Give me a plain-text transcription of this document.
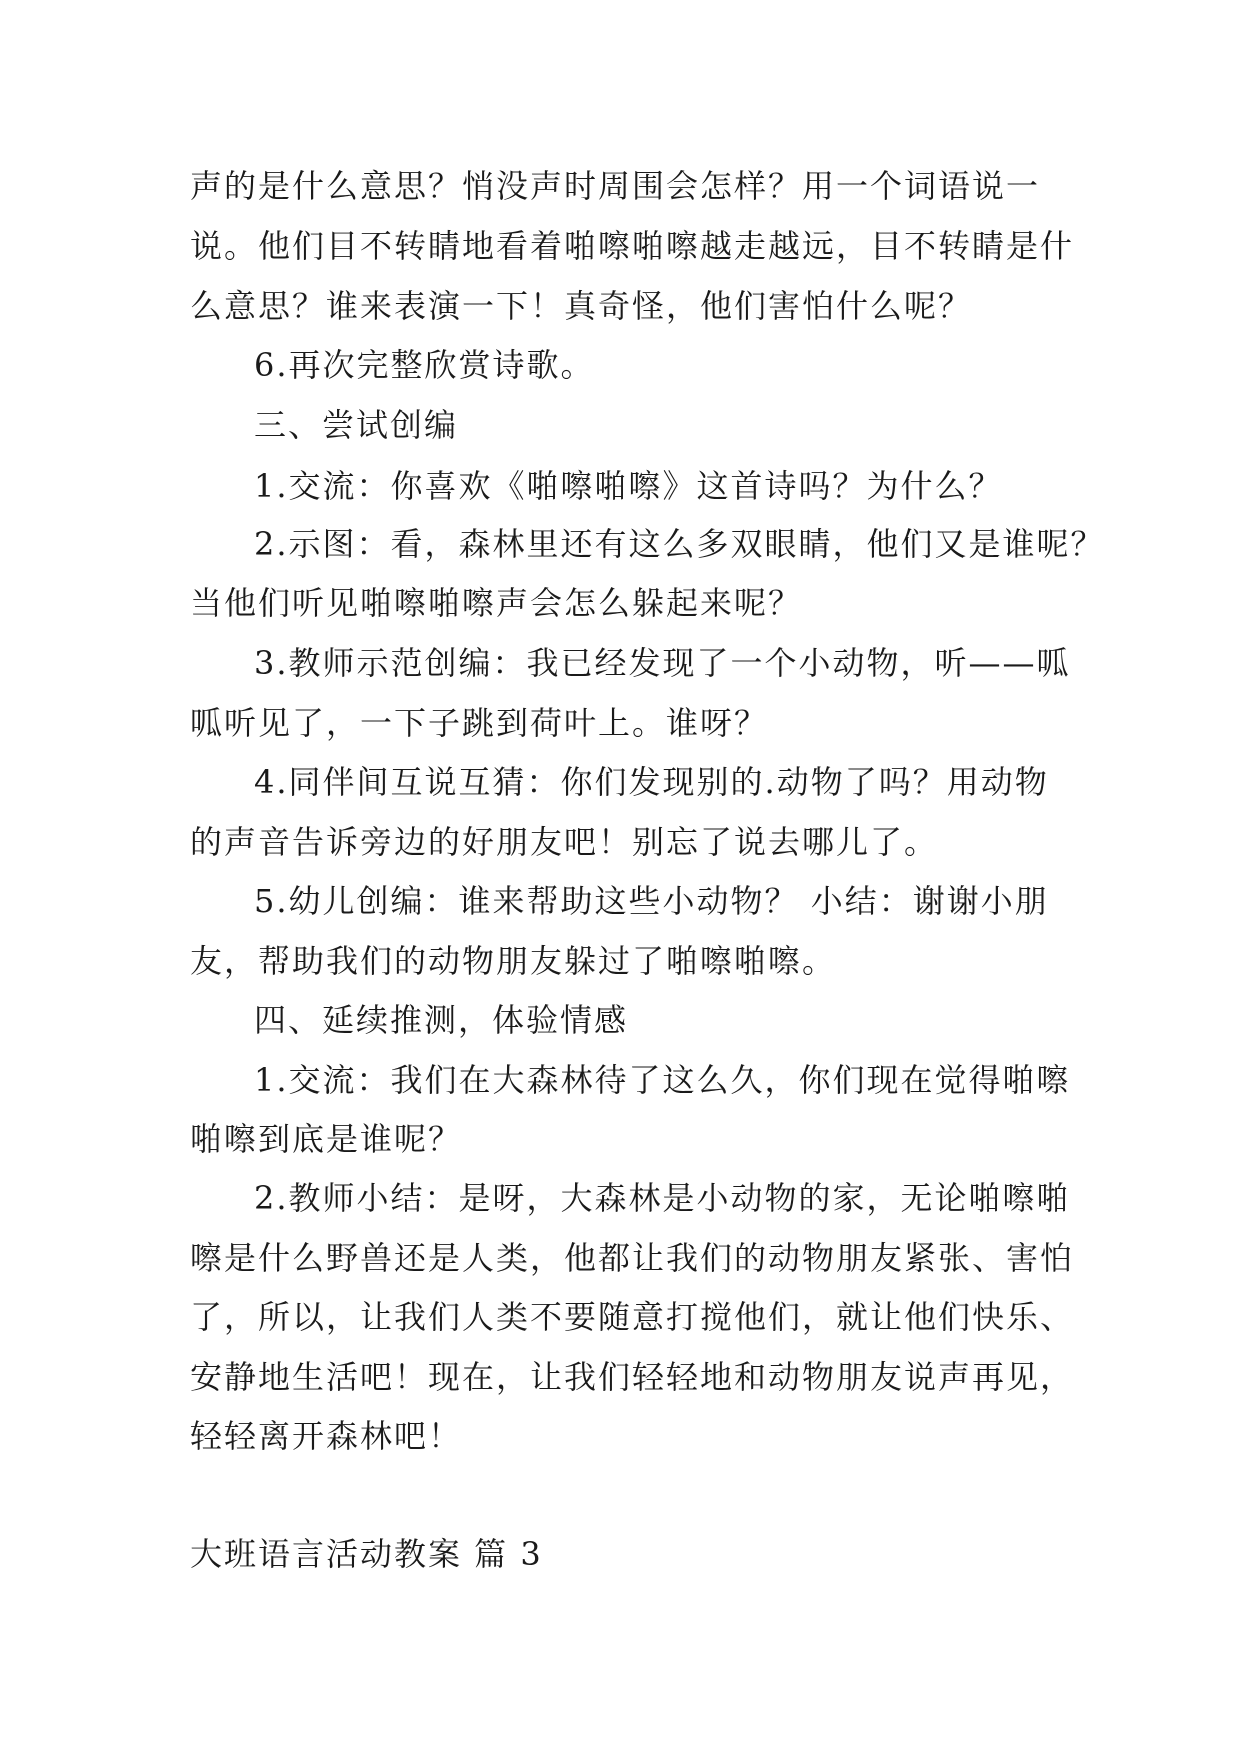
声的是什么意思？悄没声时周围会怎样？用一个词语说一
说。他们目不转睛地看着啪嚓啪嚓越走越远，目不转睛是什
么意思？谁来表演一下！真奇怪，他们害怕什么呢？
6.再次完整欣赏诗歌。
三、尝试创编
1.交流：你喜欢《啪嚓啪嚓》这首诗吗？为什么？
2.示图：看，森林里还有这么多双眼睛，他们又是谁呢？
当他们听见啪嚓啪嚓声会怎么躲起来呢？
3.教师示范创编：我已经发现了一个小动物，听——呱
呱听见了，一下子跳到荷叶上。谁呀？
4.同伴间互说互猜：你们发现别的.动物了吗？用动物
的声音告诉旁边的好朋友吧！别忘了说去哪儿了。
5.幼儿创编：谁来帮助这些小动物？ 小结：谢谢小朋
友，帮助我们的动物朋友躲过了啪嚓啪嚓。
四、延续推测，体验情感
1.交流：我们在大森林待了这么久，你们现在觉得啪嚓
啪嚓到底是谁呢？
2.教师小结：是呀，大森林是小动物的家，无论啪嚓啪
嚓是什么野兽还是人类，他都让我们的动物朋友紧张、害怕
了，所以，让我们人类不要随意打搅他们，就让他们快乐、
安静地生活吧！现在，让我们轻轻地和动物朋友说声再见，
轻轻离开森林吧！
大班语言活动教案 篇 3
